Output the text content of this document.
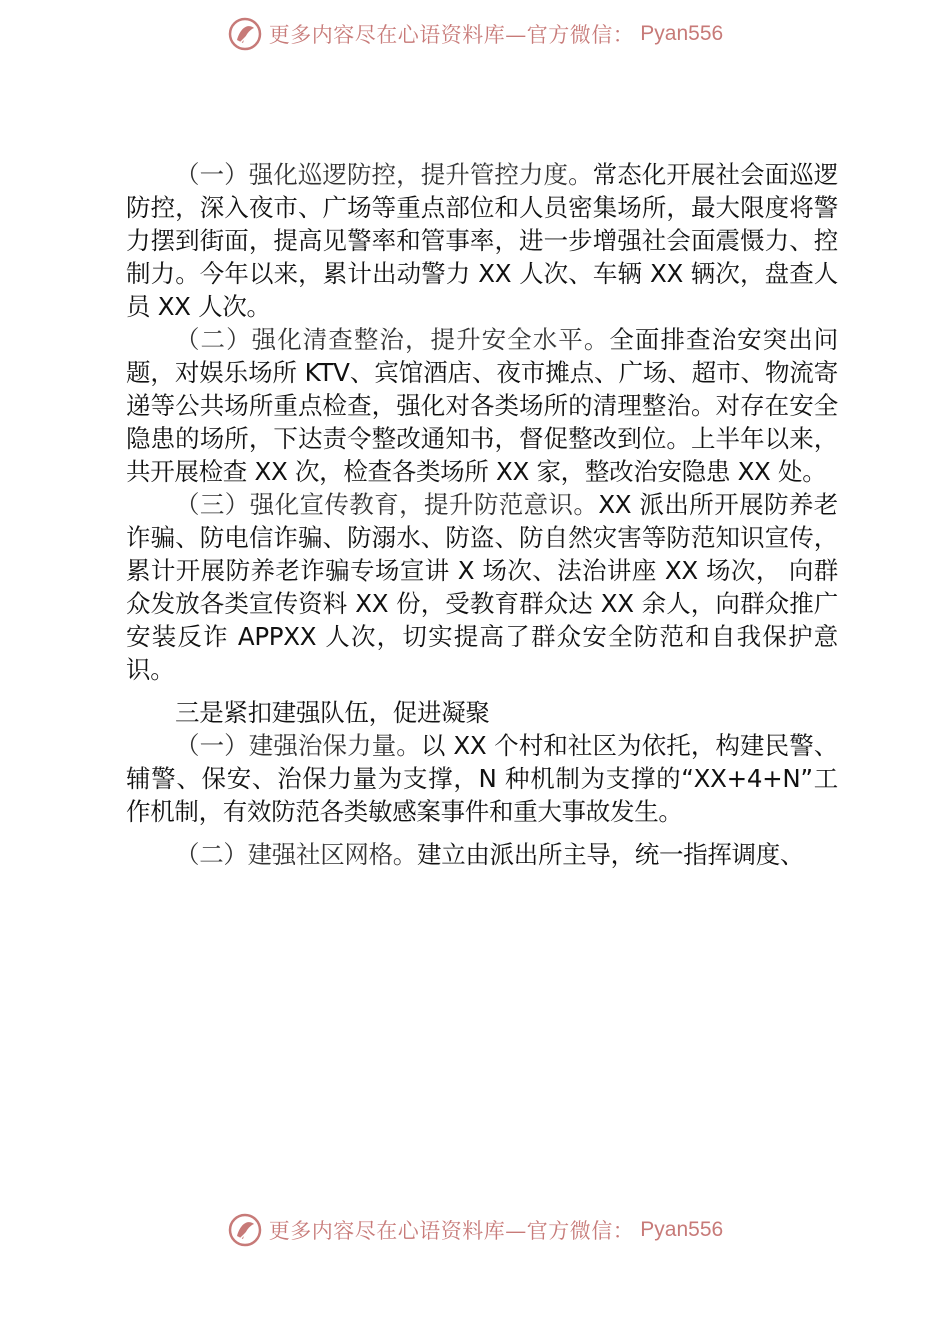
更多内容尽在心语资料库—官方微信： Pyan556

（一）强化巡逻防控，提升管控力度。常态化开展社会面巡逻防控，深入夜市、广场等重点部位和人员密集场所，最大限度将警力摆到街面，提高见警率和管事率，进一步增强社会面震慑力、控制力。今年以来，累计出动警力 XX 人次、车辆 XX 辆次，盘查人员 XX 人次。

（二）强化清查整治，提升安全水平。全面排查治安突出问题，对娱乐场所 KTV、宾馆酒店、夜市摊点、广场、超市、物流寄递等公共场所重点检查，强化对各类场所的清理整治。对存在安全隐患的场所，下达责令整改通知书，督促整改到位。上半年以来，共开展检查 XX 次，检查各类场所 XX 家，整改治安隐患 XX 处。

（三）强化宣传教育，提升防范意识。XX 派出所开展防养老诈骗、防电信诈骗、防溺水、防盗、防自然灾害等防范知识宣传，累计开展防养老诈骗专场宣讲 X 场次、法治讲座 XX 场次， 向群众发放各类宣传资料 XX 份，受教育群众达 XX 余人，向群众推广安装反诈 APPXX 人次，切实提高了群众安全防范和自我保护意识。

三是紧扣建强队伍，促进凝聚

（一）建强治保力量。以 XX 个村和社区为依托，构建民警、辅警、保安、治保力量为支撑，N 种机制为支撑的“XX+4+N”工作机制，有效防范各类敏感案事件和重大事故发生。

（二）建强社区网格。建立由派出所主导，统一指挥调度、

更多内容尽在心语资料库—官方微信： Pyan556
